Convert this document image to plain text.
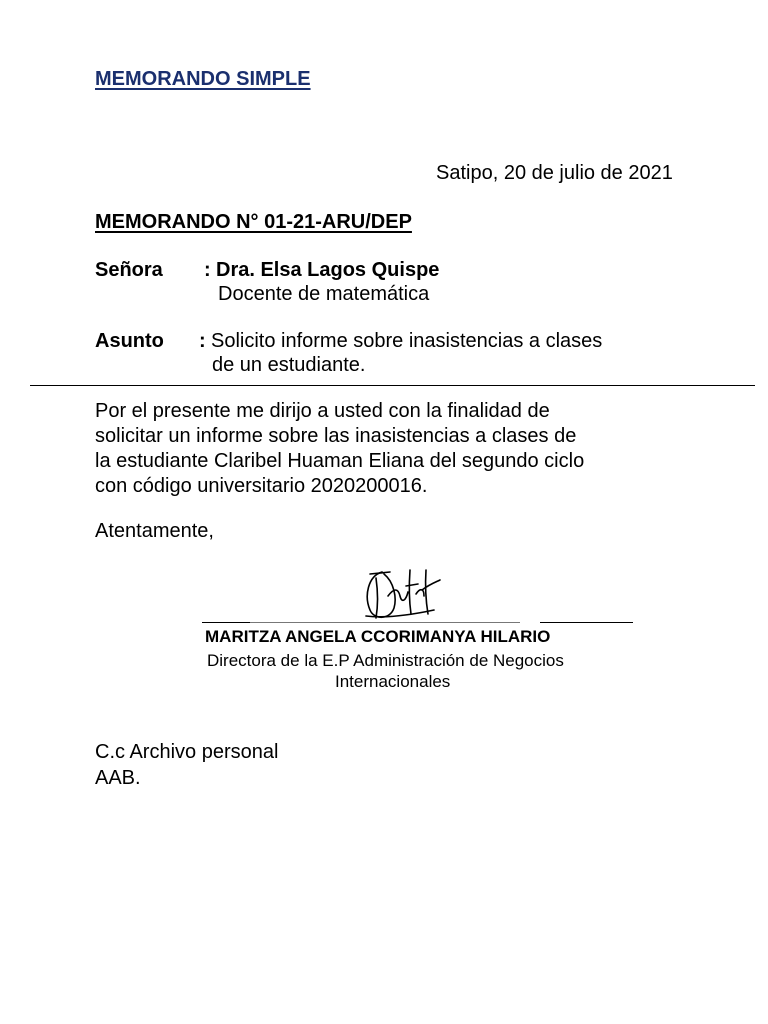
MEMORANDO SIMPLE
Satipo, 20 de julio de 2021
MEMORANDO N° 01-21-ARU/DEP
Señora : Dra. Elsa Lagos Quispe
Docente de matemática
Asunto : Solicito informe sobre inasistencias a clases
de un estudiante.
Por el presente me dirijo a usted con la finalidad de
solicitar un informe sobre las inasistencias a clases de
la estudiante Claribel Huaman Eliana del segundo ciclo
con código universitario 2020200016.
Atentamente,
MARITZA ANGELA CCORIMANYA HILARIO
Directora de la E.P Administración de Negocios
Internacionales
C.c Archivo personal
AAB.
